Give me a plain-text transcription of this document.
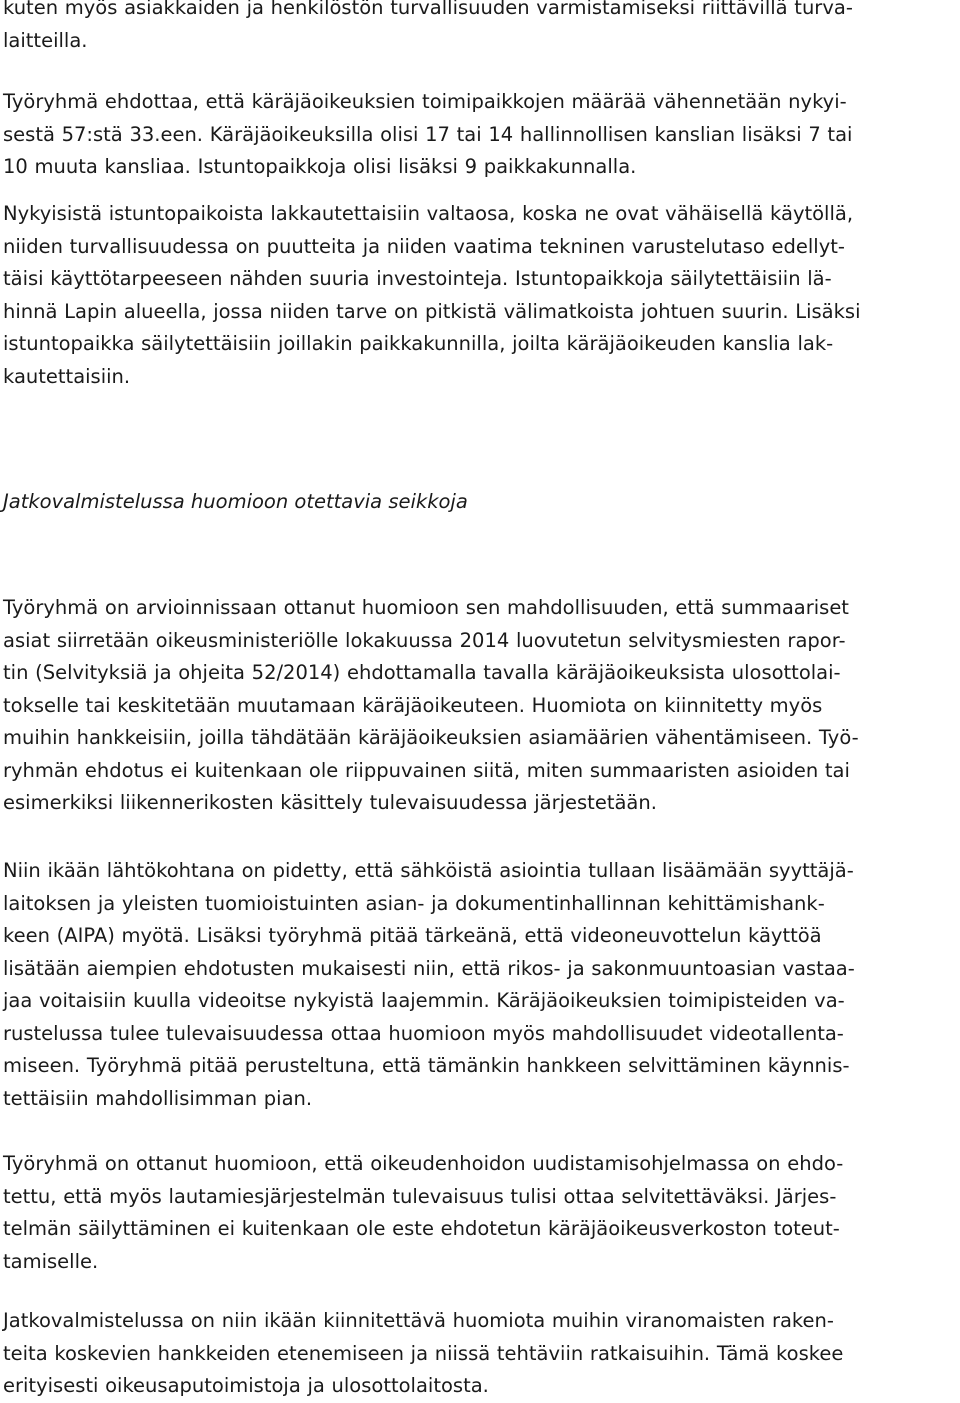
kuten myös asiakkaiden ja henkilöstön turvallisuuden varmistamiseksi riittävillä turva-
laitteilla.
Työryhmä ehdottaa, että käräjäoikeuksien toimipaikkojen määrää vähennetään nykyi-
sestä 57:stä 33.een. Käräjäoikeuksilla olisi 17 tai 14 hallinnollisen kanslian lisäksi 7 tai
10 muuta kansliaa. Istuntopaikkoja olisi lisäksi 9 paikkakunnalla.
Nykyisistä istuntopaikoista lakkautettaisiin valtaosa, koska ne ovat vähäisellä käytöllä,
niiden turvallisuudessa on puutteita ja niiden vaatima tekninen varustelutaso edellyt-
täisi käyttötarpeeseen nähden suuria investointeja. Istuntopaikkoja säilytettäisiin lä-
hinnä Lapin alueella, jossa niiden tarve on pitkistä välimatkoista johtuen suurin. Lisäksi
istuntopaikka säilytettäisiin joillakin paikkakunnilla, joilta käräjäoikeuden kanslia lak-
kautettaisiin.
Jatkovalmistelussa huomioon otettavia seikkoja
Työryhmä on arvioinnissaan ottanut huomioon sen mahdollisuuden, että summaariset
asiat siirretään oikeusministeriölle lokakuussa 2014 luovutetun selvitysmiesten rapor-
tin (Selvityksiä ja ohjeita 52/2014) ehdottamalla tavalla käräjäoikeuksista ulosottolai-
tokselle tai keskitetään muutamaan käräjäoikeuteen. Huomiota on kiinnitetty myös
muihin hankkeisiin, joilla tähdätään käräjäoikeuksien asiamäärien vähentämiseen. Työ-
ryhmän ehdotus ei kuitenkaan ole riippuvainen siitä, miten summaaristen asioiden tai
esimerkiksi liikennerikosten käsittely tulevaisuudessa järjestetään.
Niin ikään lähtökohtana on pidetty, että sähköistä asiointia tullaan lisäämään syyttäjä-
laitoksen ja yleisten tuomioistuinten asian- ja dokumentinhallinnan kehittämishank-
keen (AIPA) myötä. Lisäksi työryhmä pitää tärkeänä, että videoneuvottelun käyttöä
lisätään aiempien ehdotusten mukaisesti niin, että rikos- ja sakonmuuntoasian vastaa-
jaa voitaisiin kuulla videoitse nykyistä laajemmin. Käräjäoikeuksien toimipisteiden va-
rustelussa tulee tulevaisuudessa ottaa huomioon myös mahdollisuudet videotallenta-
miseen. Työryhmä pitää perusteltuna, että tämänkin hankkeen selvittäminen käynnis-
tettäisiin mahdollisimman pian.
Työryhmä on ottanut huomioon, että oikeudenhoidon uudistamisohjelmassa on ehdo-
tettu, että myös lautamiesjärjestelmän tulevaisuus tulisi ottaa selvitettäväksi. Järjes-
telmän säilyttäminen ei kuitenkaan ole este ehdotetun käräjäoikeusverkoston toteut-
tamiselle.
Jatkovalmistelussa on niin ikään kiinnitettävä huomiota muihin viranomaisten raken-
teita koskevien hankkeiden etenemiseen ja niissä tehtäviin ratkaisuihin. Tämä koskee
erityisesti oikeusaputoimistoja ja ulosottolaitosta.
